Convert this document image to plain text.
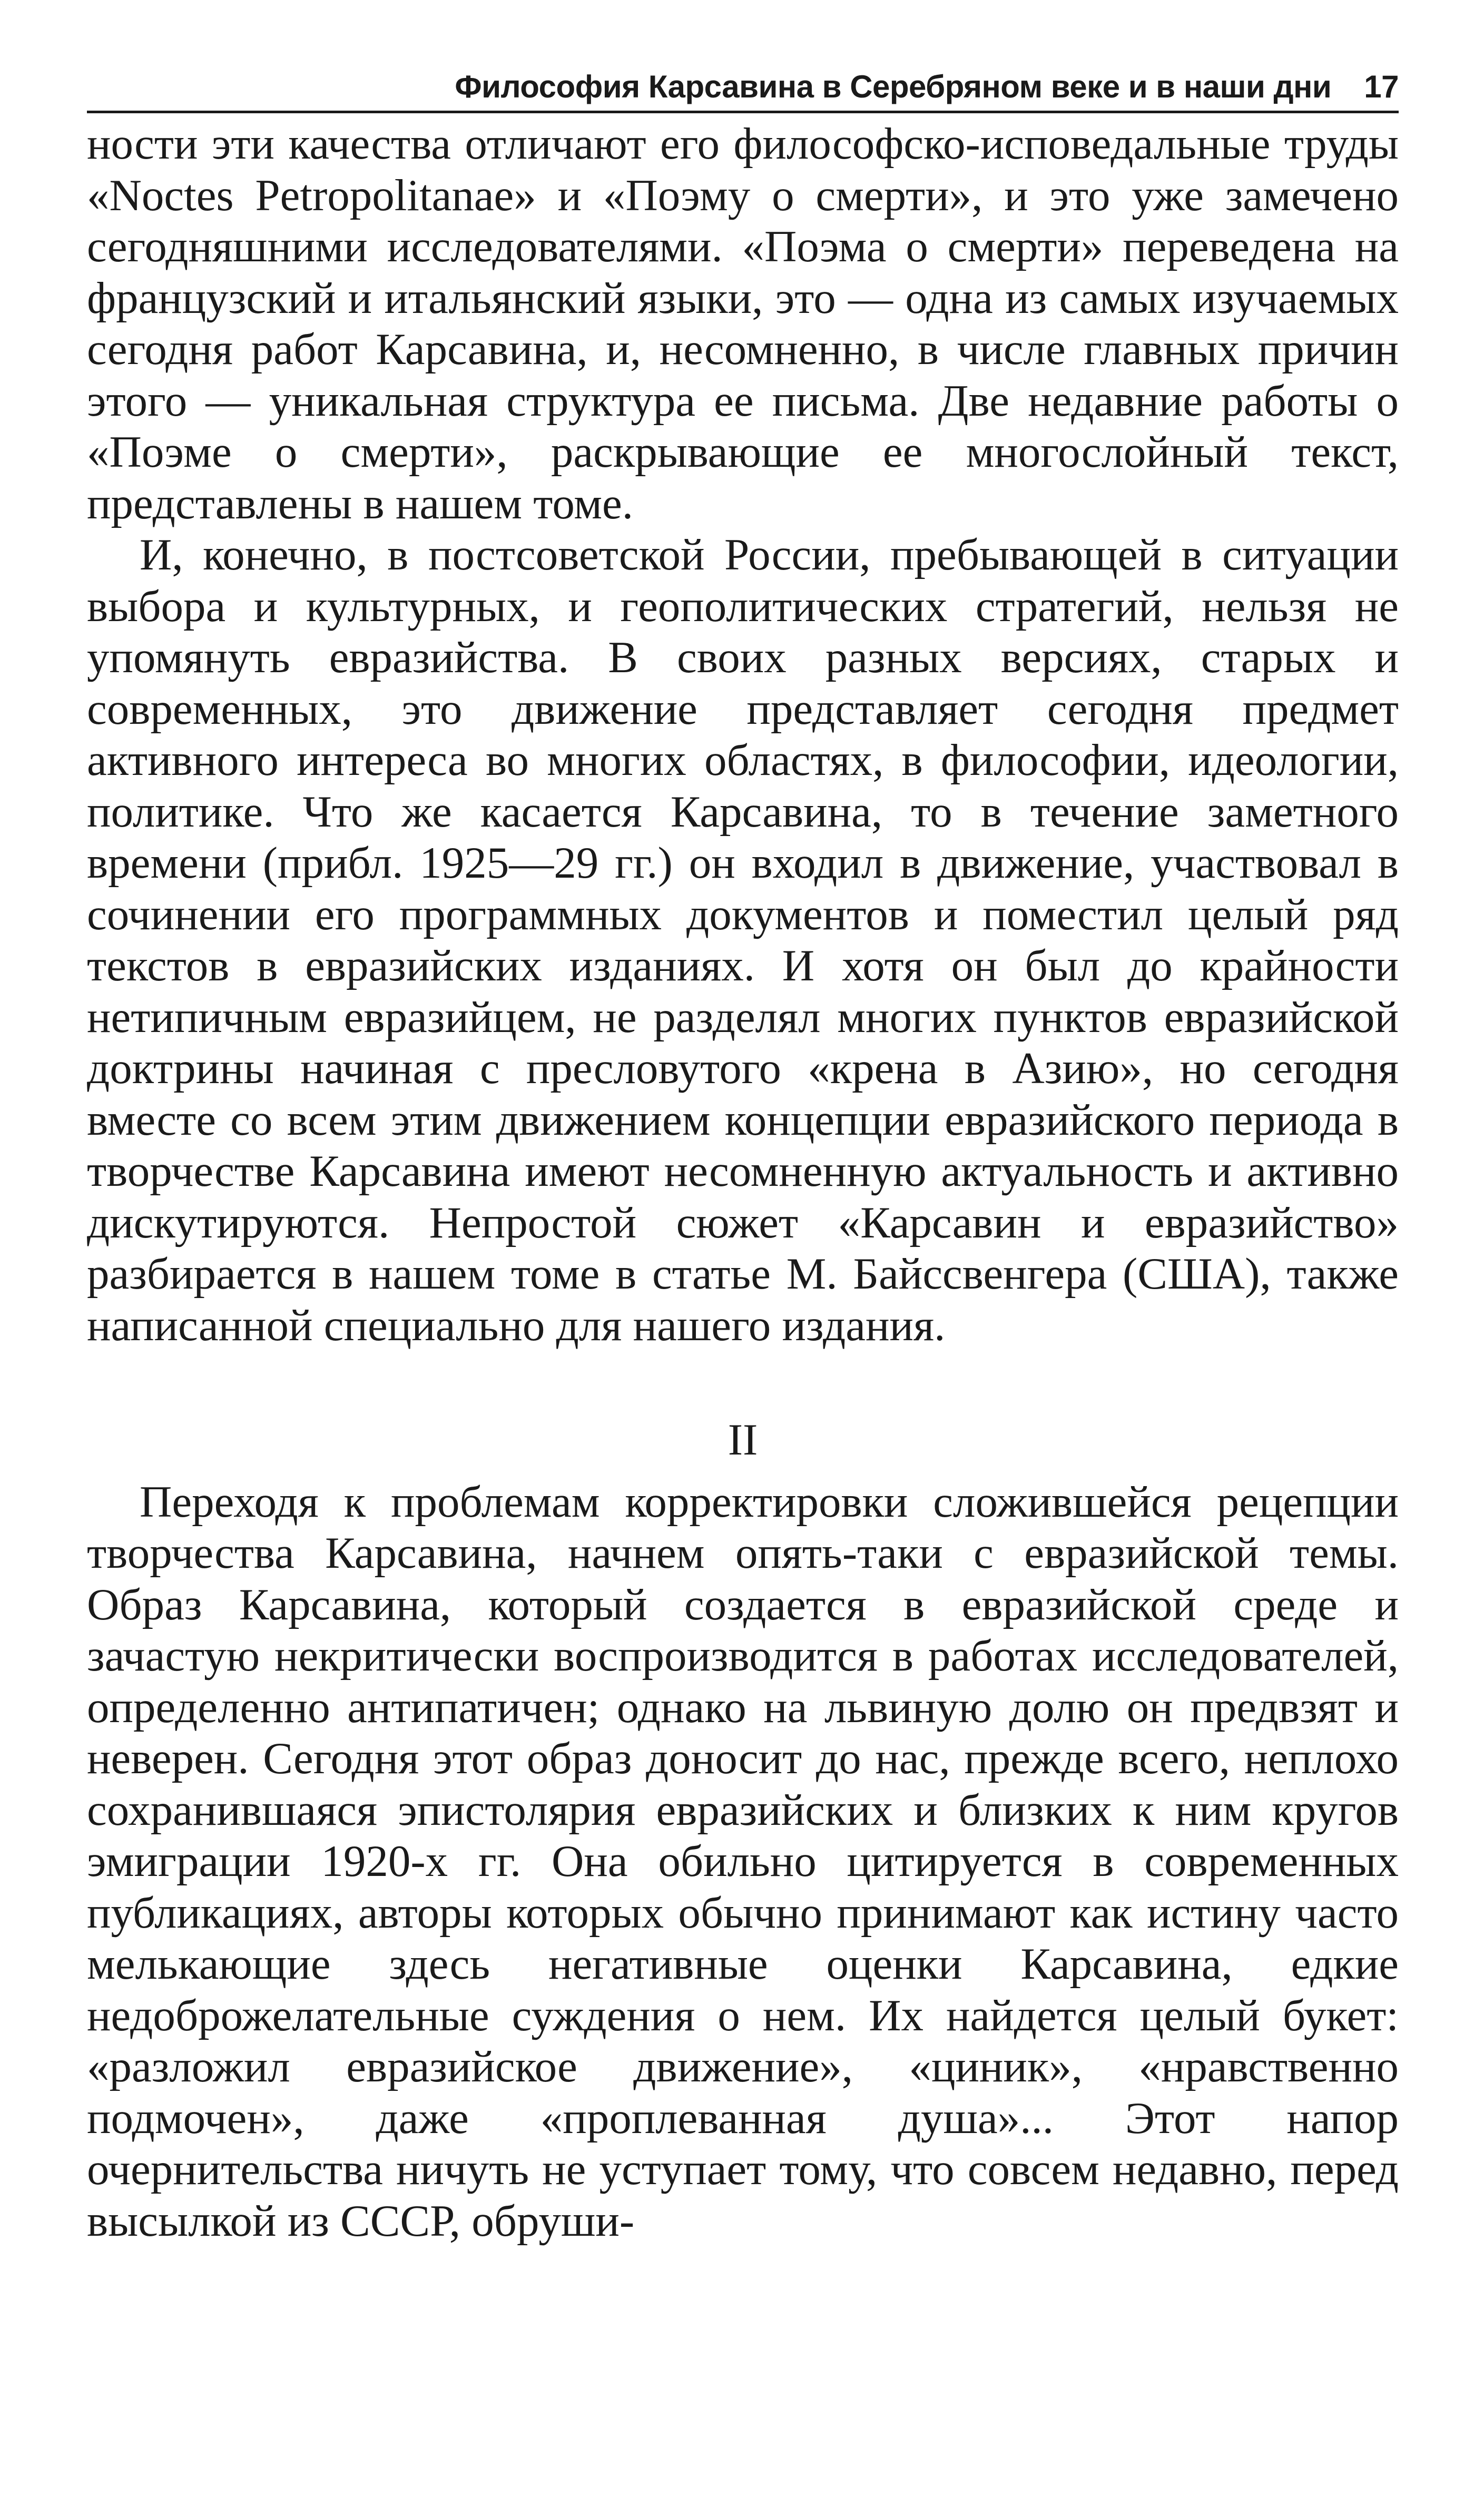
Философия Карсавина в Серебряном веке и в наши дни 17

ности эти качества отличают его философско-исповедальные труды «Noctes Petropolitanae» и «Поэму о смерти», и это уже замечено сегодняшними исследователями. «Поэма о смерти» переведена на французский и итальянский языки, это — одна из самых изучаемых сегодня работ Карсавина, и, несомненно, в числе главных причин этого — уникальная структура ее письма. Две недавние работы о «Поэме о смерти», раскрывающие ее многослойный текст, представлены в нашем томе.

И, конечно, в постсоветской России, пребывающей в ситуации выбора и культурных, и геополитических стратегий, нельзя не упомянуть евразийства. В своих разных версиях, старых и современных, это движение представляет сегодня предмет активного интереса во многих областях, в философии, идеологии, политике. Что же касается Карсавина, то в течение заметного времени (прибл. 1925—29 гг.) он входил в движение, участвовал в сочинении его программных документов и поместил целый ряд текстов в евразийских изданиях. И хотя он был до крайности нетипичным евразийцем, не разделял многих пунктов евразийской доктрины начиная с пресловутого «крена в Азию», но сегодня вместе со всем этим движением концепции евразийского периода в творчестве Карсавина имеют несомненную актуальность и активно дискутируются. Непростой сюжет «Карсавин и евразийство» разбирается в нашем томе в статье М. Байссвенгера (США), также написанной специально для нашего издания.

II

Переходя к проблемам корректировки сложившейся рецепции творчества Карсавина, начнем опять-таки с евразийской темы. Образ Карсавина, который создается в евразийской среде и зачастую некритически воспроизводится в работах исследователей, определенно антипатичен; однако на львиную долю он предвзят и неверен. Сегодня этот образ доносит до нас, прежде всего, неплохо сохранившаяся эпистолярия евразийских и близких к ним кругов эмиграции 1920-х гг. Она обильно цитируется в современных публикациях, авторы которых обычно принимают как истину часто мелькающие здесь негативные оценки Карсавина, едкие недоброжелательные суждения о нем. Их найдется целый букет: «разложил евразийское движение», «циник», «нравственно подмочен», даже «проплеванная душа»... Этот напор очернительства ничуть не уступает тому, что совсем недавно, перед высылкой из СССР, обруши-
